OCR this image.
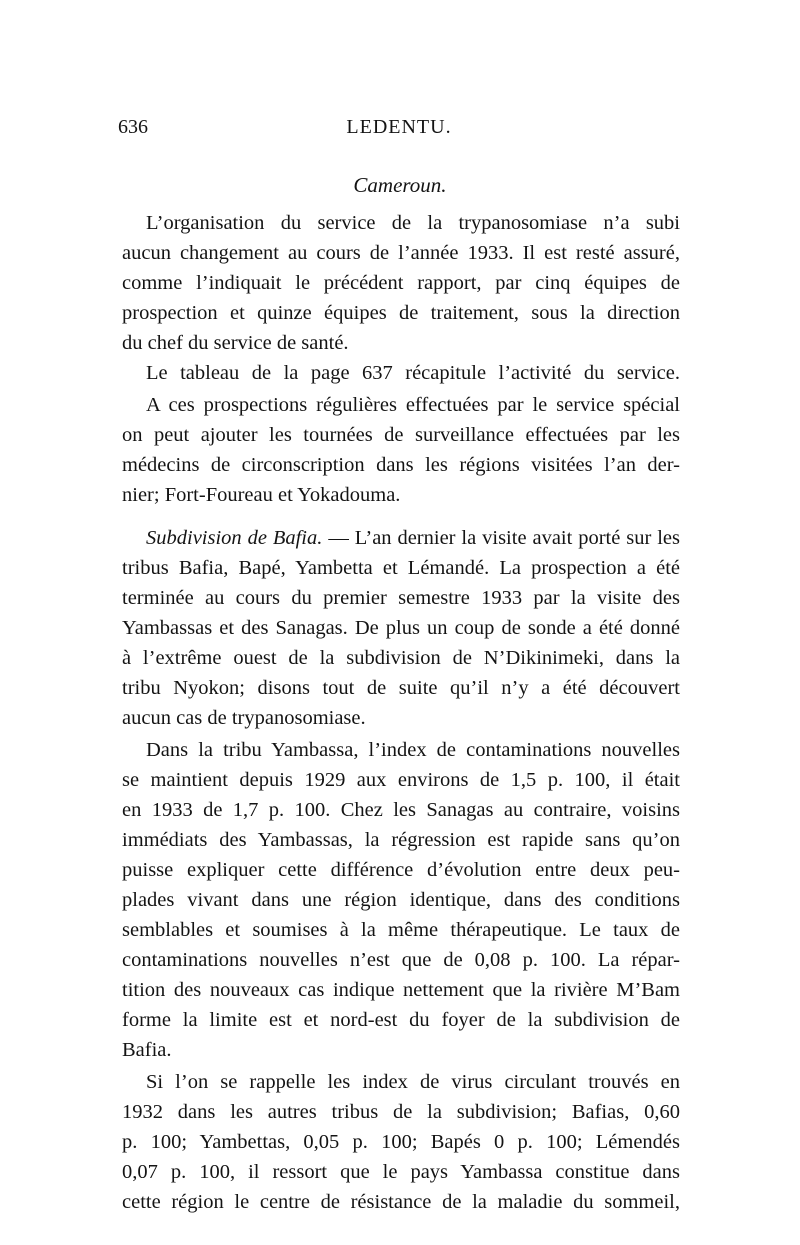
636	LEDENTU.
Cameroun.
L’organisation du service de la trypanosomiase n’a subi
aucun changement au cours de l’année 1933. Il est resté assuré,
comme l’indiquait le précédent rapport, par cinq équipes de
prospection et quinze équipes de traitement, sous la direction
du chef du service de santé.
Le tableau de la page 637 récapitule l’activité du service.
A ces prospections régulières effectuées par le service spécial
on peut ajouter les tournées de surveillance effectuées par les
médecins de circonscription dans les régions visitées l’an der-
nier; Fort-Foureau et Yokadouma.
Subdivision de Bafia. — L’an dernier la visite avait porté sur les
tribus Bafia, Bapé, Yambetta et Lémandé. La prospection a été
terminée au cours du premier semestre 1933 par la visite des
Yambassas et des Sanagas. De plus un coup de sonde a été donné
à l’extrême ouest de la subdivision de N’Dikinimeki, dans la
tribu Nyokon; disons tout de suite qu’il n’y a été découvert
aucun cas de trypanosomiase.
Dans la tribu Yambassa, l’index de contaminations nouvelles
se maintient depuis 1929 aux environs de 1,5 p. 100, il était
en 1933 de 1,7 p. 100. Chez les Sanagas au contraire, voisins
immédiats des Yambassas, la régression est rapide sans qu’on
puisse expliquer cette différence d’évolution entre deux peu-
plades vivant dans une région identique, dans des conditions
semblables et soumises à la même thérapeutique. Le taux de
contaminations nouvelles n’est que de 0,08 p. 100. La répar-
tition des nouveaux cas indique nettement que la rivière M’Bam
forme la limite est et nord-est du foyer de la subdivision de
Bafia.
Si l’on se rappelle les index de virus circulant trouvés en
1932 dans les autres tribus de la subdivision; Bafias, 0,60
p. 100; Yambettas, 0,05 p. 100; Bapés 0 p. 100; Lémendés
0,07 p. 100, il ressort que le pays Yambassa constitue dans
cette région le centre de résistance de la maladie du sommeil,
